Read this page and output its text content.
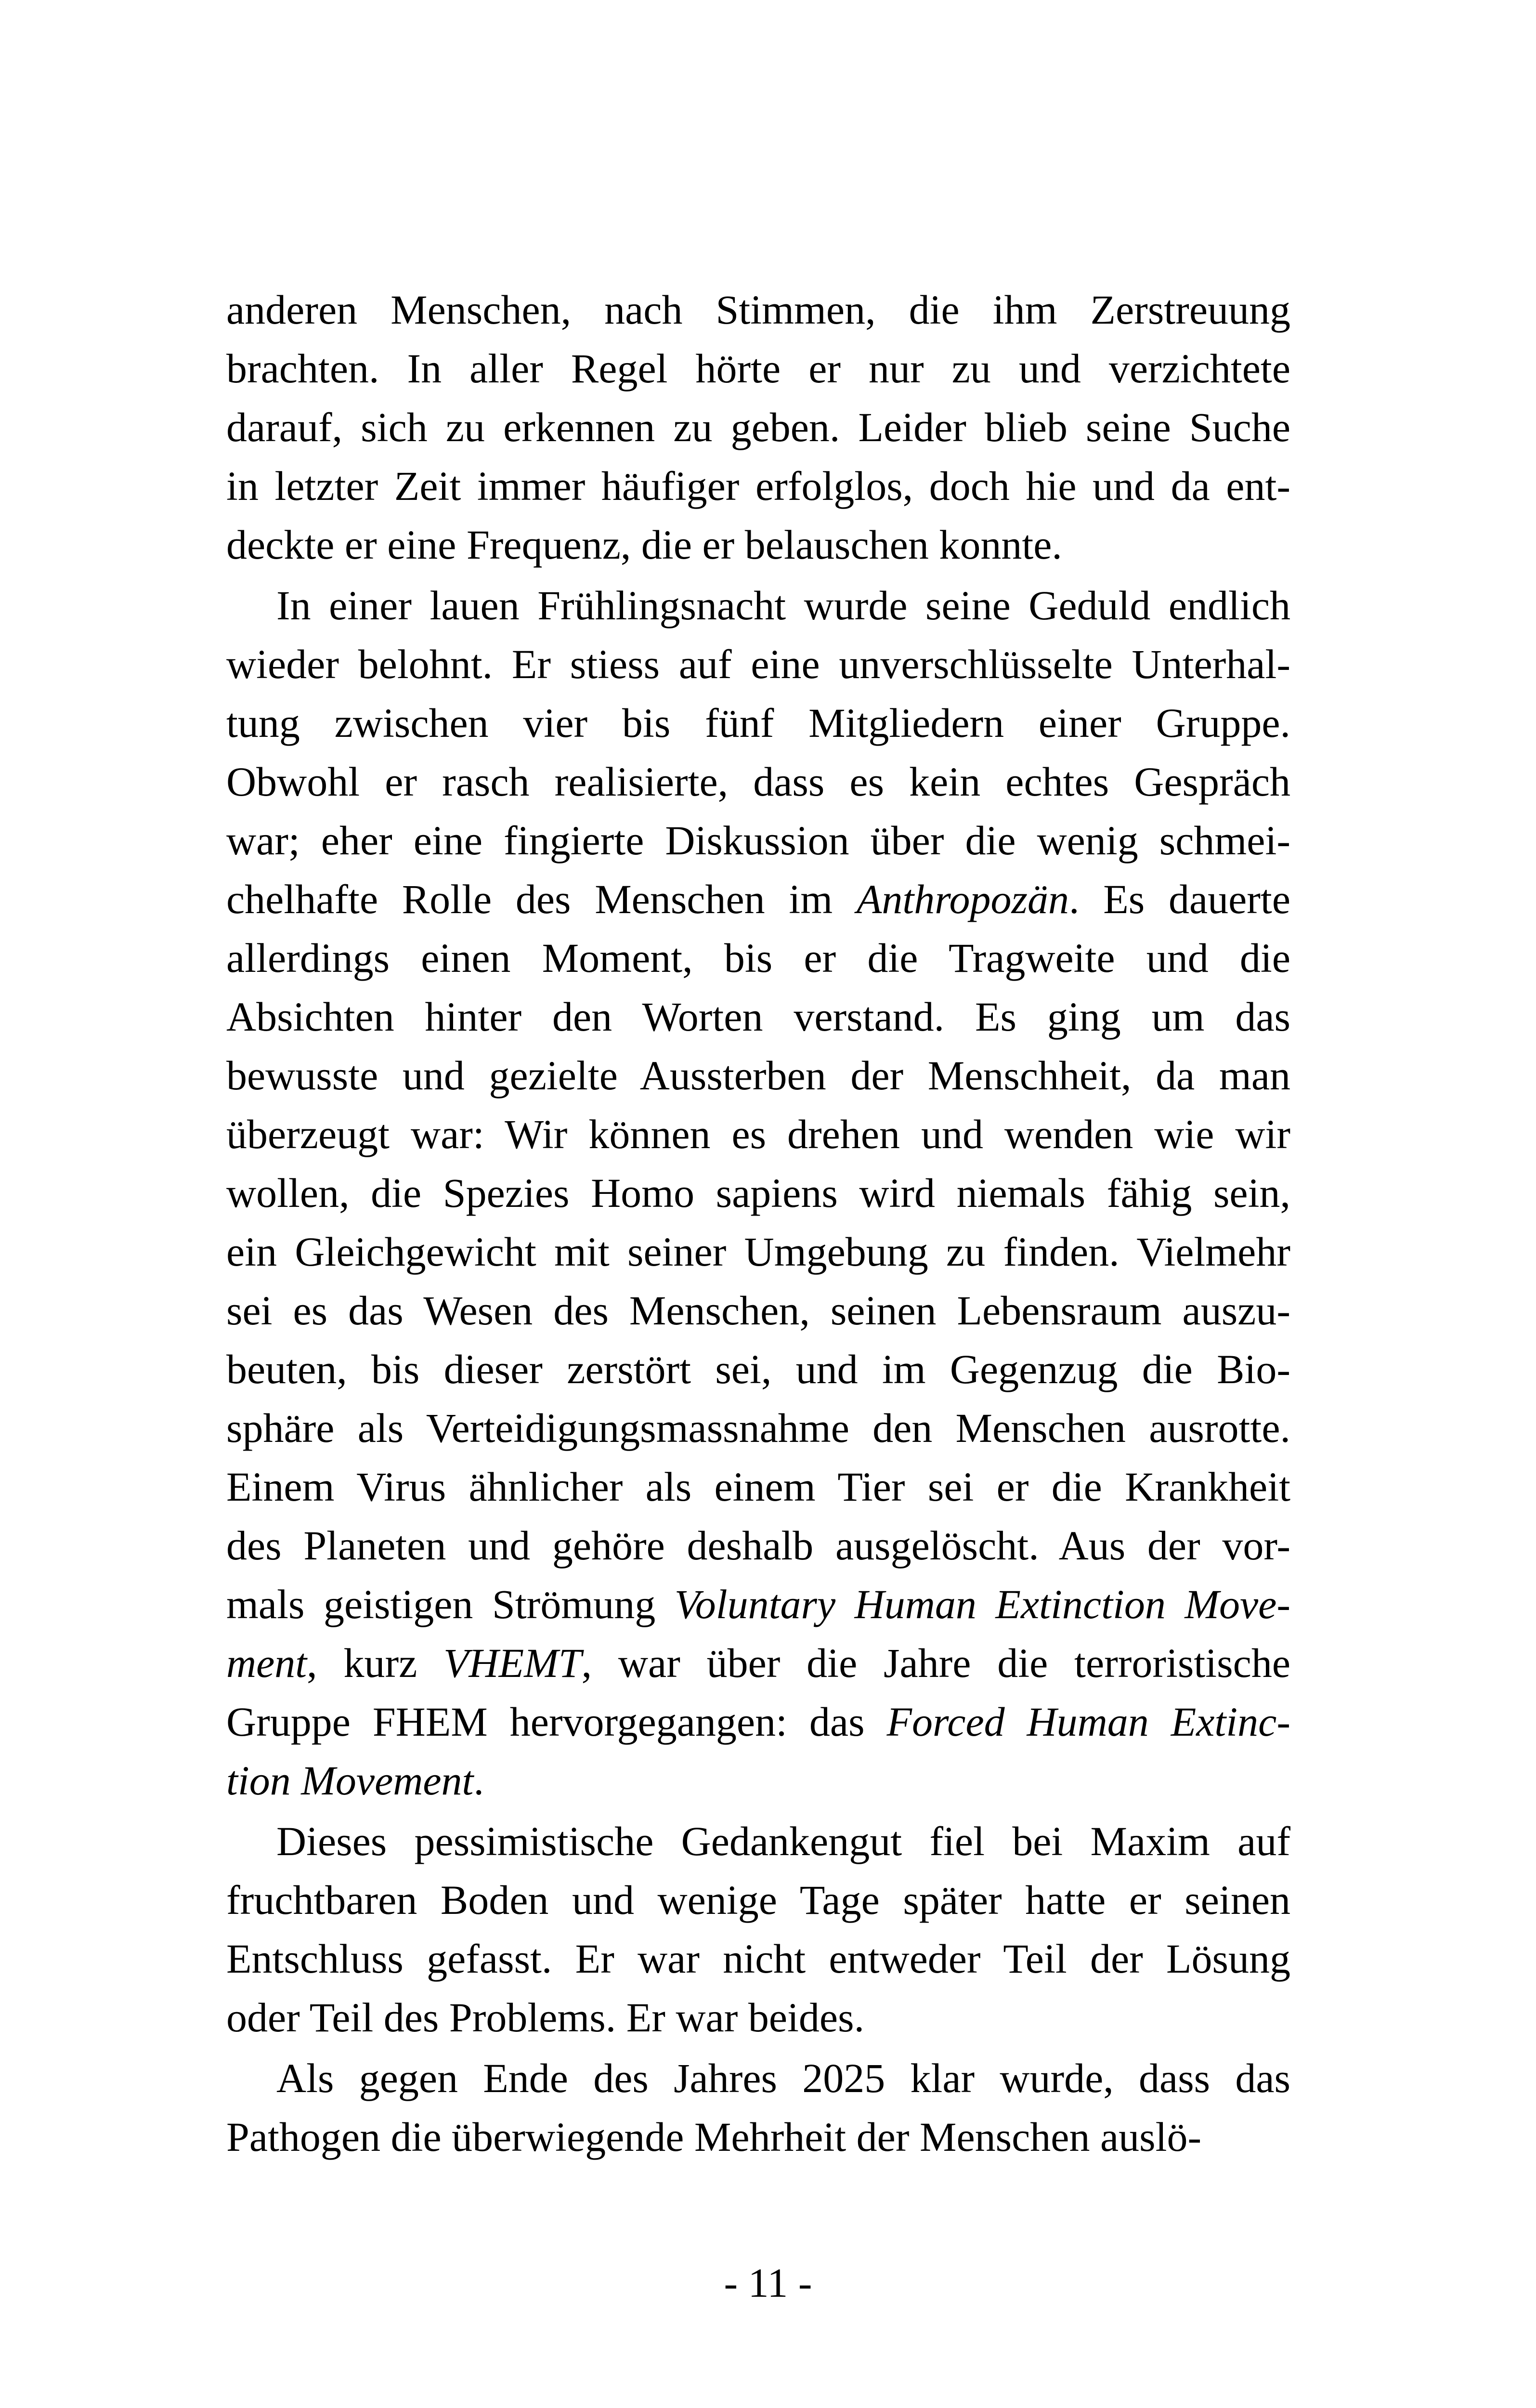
anderen Menschen, nach Stimmen, die ihm Zerstreuung
brachten. In aller Regel hörte er nur zu und verzichtete
darauf, sich zu erkennen zu geben. Leider blieb seine Suche
in letzter Zeit immer häufiger erfolglos, doch hie und da ent-
deckte er eine Frequenz, die er belauschen konnte.
In einer lauen Frühlingsnacht wurde seine Geduld endlich
wieder belohnt. Er stiess auf eine unverschlüsselte Unterhal-
tung zwischen vier bis fünf Mitgliedern einer Gruppe.
Obwohl er rasch realisierte, dass es kein echtes Gespräch
war; eher eine fingierte Diskussion über die wenig schmei-
chelhafte Rolle des Menschen im Anthropozän. Es dauerte
allerdings einen Moment, bis er die Tragweite und die
Absichten hinter den Worten verstand. Es ging um das
bewusste und gezielte Aussterben der Menschheit, da man
überzeugt war: Wir können es drehen und wenden wie wir
wollen, die Spezies Homo sapiens wird niemals fähig sein,
ein Gleichgewicht mit seiner Umgebung zu finden. Vielmehr
sei es das Wesen des Menschen, seinen Lebensraum auszu-
beuten, bis dieser zerstört sei, und im Gegenzug die Bio-
sphäre als Verteidigungsmassnahme den Menschen ausrotte.
Einem Virus ähnlicher als einem Tier sei er die Krankheit
des Planeten und gehöre deshalb ausgelöscht. Aus der vor-
mals geistigen Strömung Voluntary Human Extinction Move-
ment, kurz VHEMT, war über die Jahre die terroristische
Gruppe FHEM hervorgegangen: das Forced Human Extinc-
tion Movement.
Dieses pessimistische Gedankengut fiel bei Maxim auf
fruchtbaren Boden und wenige Tage später hatte er seinen
Entschluss gefasst. Er war nicht entweder Teil der Lösung
oder Teil des Problems. Er war beides.
Als gegen Ende des Jahres 2025 klar wurde, dass das
Pathogen die überwiegende Mehrheit der Menschen auslö-
- 11 -
